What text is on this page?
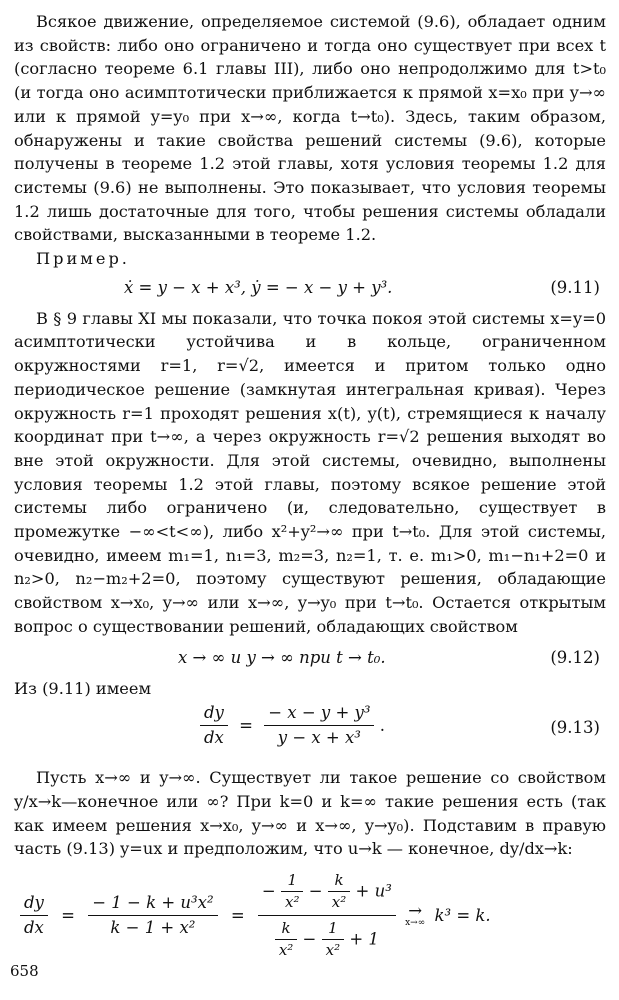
Всякое движение, определяемое системой (9.6), обладает одним из свойств: либо оно ограничено и тогда оно существует при всех t (согласно теореме 6.1 главы III), либо оно непродолжимо для t>t₀ (и тогда оно асимптотически приближается к прямой x=x₀ при y→∞ или к прямой y=y₀ при x→∞, когда t→t₀). Здесь, таким образом, обнаружены и такие свойства решений системы (9.6), которые получены в теореме 1.2 этой главы, хотя условия теоремы 1.2 для системы (9.6) не выполнены. Это показывает, что условия теоремы 1.2 лишь достаточные для того, чтобы решения системы обладали свойствами, высказанными в теореме 1.2.

Пример.

ẋ = y − x + x³, ẏ = − x − y + y³.	(9.11)

В § 9 главы XI мы показали, что точка покоя этой системы x=y=0 асимптотически устойчива и в кольце, ограниченном окружностями r=1, r=√2, имеется и притом только одно периодическое решение (замкнутая интегральная кривая). Через окружность r=1 проходят решения x(t), y(t), стремящиеся к началу координат при t→∞, а через окружность r=√2 решения выходят во вне этой окружности. Для этой системы, очевидно, выполнены условия теоремы 1.2 этой главы, поэтому всякое решение этой системы либо ограничено (и, следовательно, существует в промежутке −∞<t<∞), либо x²+y²→∞ при t→t₀. Для этой системы, очевидно, имеем m₁=1, n₁=3, m₂=3, n₂=1, т. е. m₁>0, m₁−n₁+2=0 и n₂>0, n₂−m₂+2=0, поэтому существуют решения, обладающие свойством x→x₀, y→∞ или x→∞, y→y₀ при t→t₀. Остается открытым вопрос о существовании решений, обладающих свойством

x → ∞ и y → ∞ при t → t₀.	(9.12)

Из (9.11) имеем

$\frac{dy}{dx} = \frac{\text{− x − y + y³}}{\text{y − x + x³}}$ .	(9.13)

Пусть x→∞ и y→∞. Существует ли такое решение со свойством y/x→k—конечное или ∞? При k=0 и k=∞ такие решения есть (так как имеем решения x→x₀, y→∞ и x→∞, y→y₀). Подставим в правую часть (9.13) y=ux и предположим, что u→k — конечное, dy/dx→k:

$\frac{dy}{dx} = \frac{\text{− 1 − k + u³x²}}{\text{k − 1 + x²}}$ =
− $\frac{1}{\text{x²}} - \frac{k}{\text{x²}} + u^3$
$\frac{k}{\text{x²}} - \frac{1}{\text{x²}} + 1$

→
x→∞ k³ = k.
658
